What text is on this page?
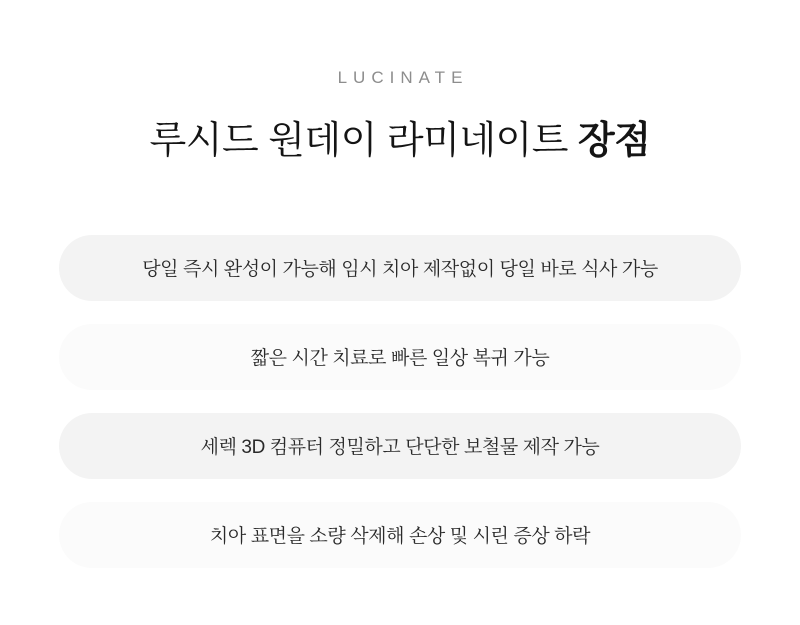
LUCINATE
루시드 원데이 라미네이트 장점
당일 즉시 완성이 가능해 임시 치아 제작없이 당일 바로 식사 가능
짧은 시간 치료로 빠른 일상 복귀 가능
세렉 3D 컴퓨터 정밀하고 단단한 보철물 제작 가능
치아 표면을 소량 삭제해 손상 및 시린 증상 하락
